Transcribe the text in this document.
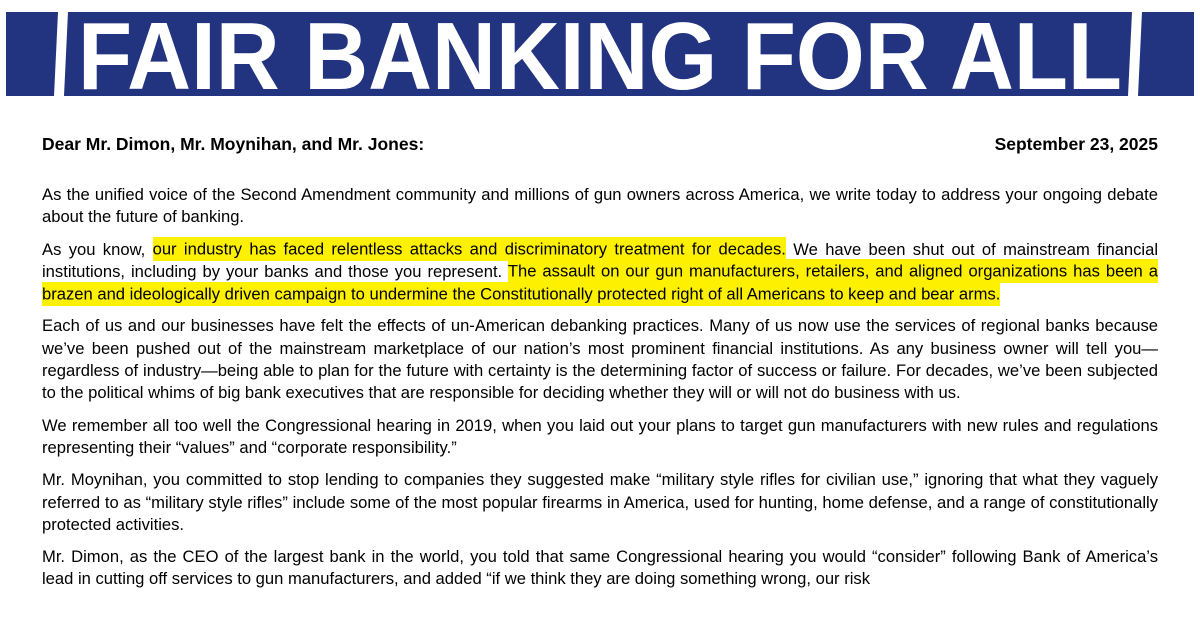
FAIR BANKING FOR ALL
Dear Mr. Dimon, Mr. Moynihan, and Mr. Jones:	September 23, 2025

As the unified voice of the Second Amendment community and millions of gun owners across America, we write today to address your ongoing debate about the future of banking.

As you know, our industry has faced relentless attacks and discriminatory treatment for decades. We have been shut out of mainstream financial institutions, including by your banks and those you represent. The assault on our gun manufacturers, retailers, and aligned organizations has been a brazen and ideologically driven campaign to undermine the Constitutionally protected right of all Americans to keep and bear arms.

Each of us and our businesses have felt the effects of un-American debanking practices. Many of us now use the services of regional banks because we’ve been pushed out of the mainstream marketplace of our nation’s most prominent financial institutions. As any business owner will tell you—regardless of industry—being able to plan for the future with certainty is the determining factor of success or failure. For decades, we’ve been subjected to the political whims of big bank executives that are responsible for deciding whether they will or will not do business with us.

We remember all too well the Congressional hearing in 2019, when you laid out your plans to target gun manufacturers with new rules and regulations representing their “values” and “corporate responsibility.”

Mr. Moynihan, you committed to stop lending to companies they suggested make “military style rifles for civilian use,” ignoring that what they vaguely referred to as “military style rifles” include some of the most popular firearms in America, used for hunting, home defense, and a range of constitutionally protected activities.

Mr. Dimon, as the CEO of the largest bank in the world, you told that same Congressional hearing you would “consider” following Bank of America’s lead in cutting off services to gun manufacturers, and added “if we think they are doing something wrong, our risk
